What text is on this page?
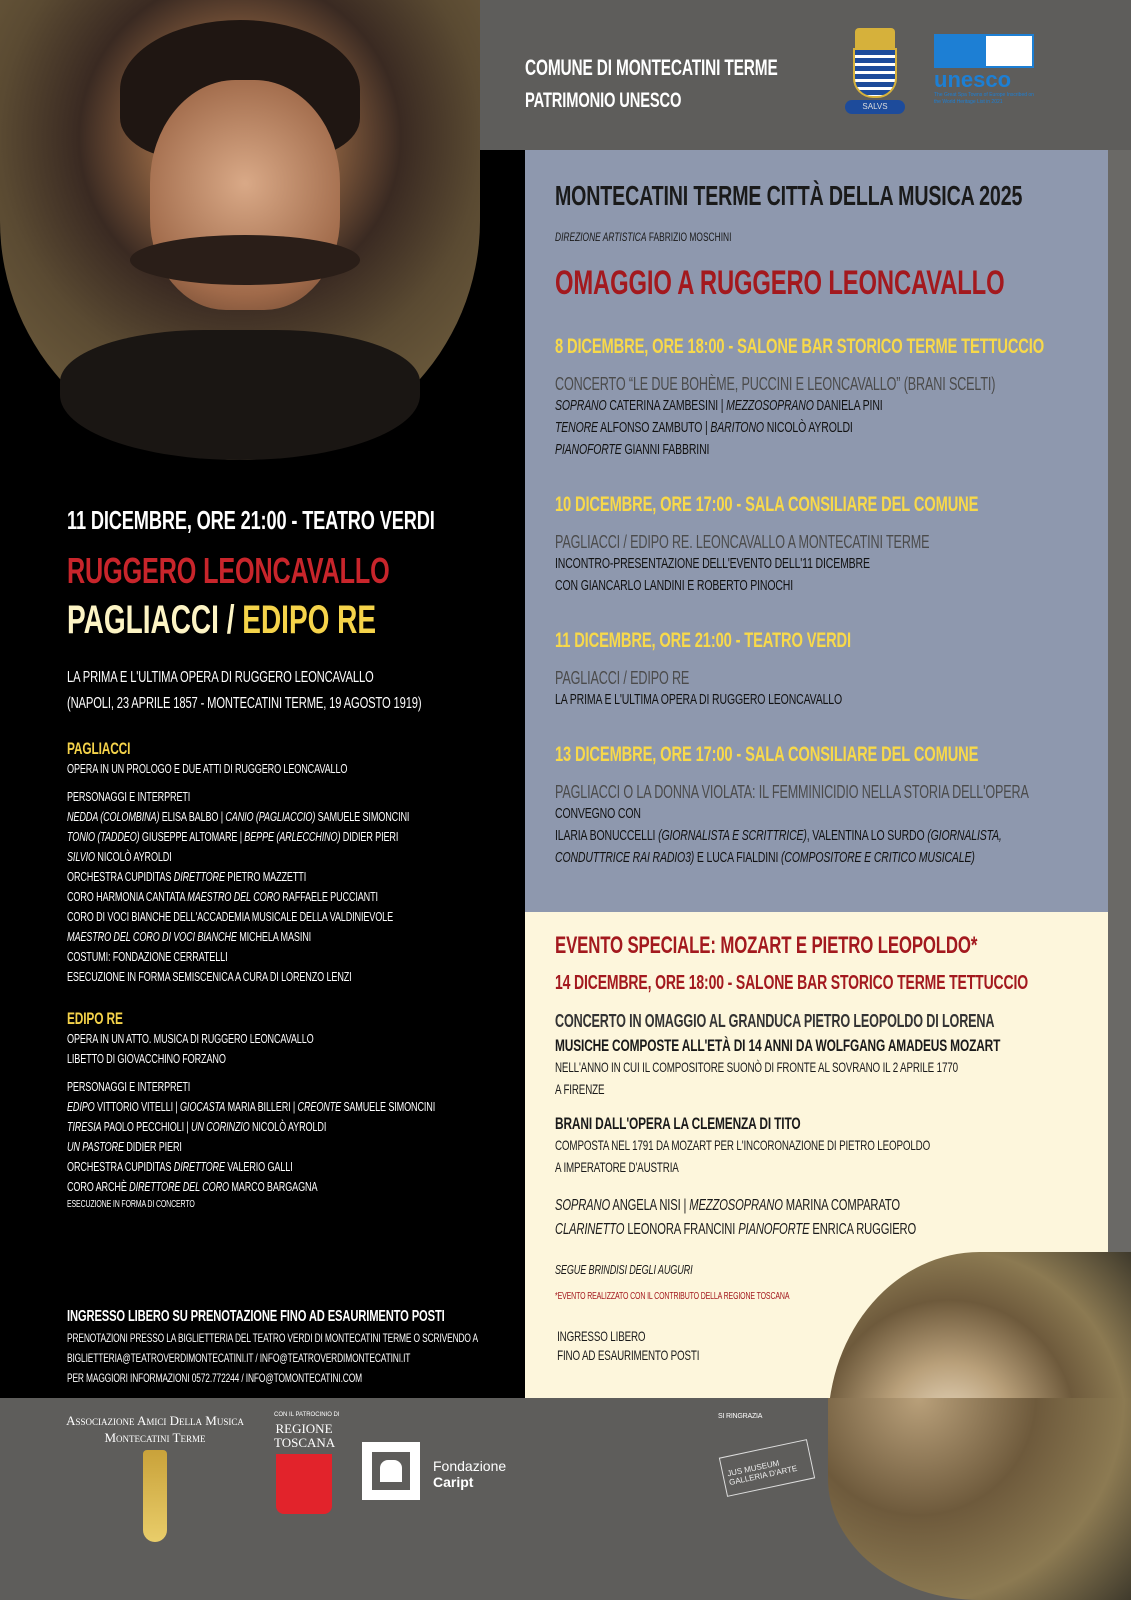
COMUNE DI MONTECATINI TERME
PATRIMONIO UNESCO	SALVS
unesco
The Great Spa Towns of Europe Inscribed on the World Heritage List in 2021
11 DICEMBRE, ORE 21:00 - TEATRO VERDI
RUGGERO LEONCAVALLO
PAGLIACCI / EDIPO RE
LA PRIMA E L'ULTIMA OPERA DI RUGGERO LEONCAVALLO
(NAPOLI, 23 APRILE 1857 - MONTECATINI TERME, 19 AGOSTO 1919)
PAGLIACCI
OPERA IN UN PROLOGO E DUE ATTI DI RUGGERO LEONCAVALLO
PERSONAGGI E INTERPRETI
NEDDA (COLOMBINA) ELISA BALBO | CANIO (PAGLIACCIO) SAMUELE SIMONCINI
TONIO (TADDEO) GIUSEPPE ALTOMARE | BEPPE (ARLECCHINO) DIDIER PIERI
SILVIO NICOLÒ AYROLDI
ORCHESTRA CUPIDITAS DIRETTORE PIETRO MAZZETTI
CORO HARMONIA CANTATA MAESTRO DEL CORO RAFFAELE PUCCIANTI
CORO DI VOCI BIANCHE DELL'ACCADEMIA MUSICALE DELLA VALDINIEVOLE
MAESTRO DEL CORO DI VOCI BIANCHE MICHELA MASINI
COSTUMI: FONDAZIONE CERRATELLI
ESECUZIONE IN FORMA SEMISCENICA A CURA DI LORENZO LENZI
EDIPO RE
OPERA IN UN ATTO. MUSICA DI RUGGERO LEONCAVALLO
LIBETTO DI GIOVACCHINO FORZANO
PERSONAGGI E INTERPRETI
EDIPO VITTORIO VITELLI | GIOCASTA MARIA BILLERI | CREONTE SAMUELE SIMONCINI
TIRESIA PAOLO PECCHIOLI | UN CORINZIO NICOLÒ AYROLDI
UN PASTORE DIDIER PIERI
ORCHESTRA CUPIDITAS DIRETTORE VALERIO GALLI
CORO ARCHÈ DIRETTORE DEL CORO MARCO BARGAGNA
ESECUZIONE IN FORMA DI CONCERTO
INGRESSO LIBERO SU PRENOTAZIONE FINO AD ESAURIMENTO POSTI
PRENOTAZIONI PRESSO LA BIGLIETTERIA DEL TEATRO VERDI DI MONTECATINI TERME O SCRIVENDO A
BIGLIETTERIA@TEATROVERDIMONTECATINI.IT / INFO@TEATROVERDIMONTECATINI.IT
PER MAGGIORI INFORMAZIONI 0572.772244 / INFO@TOMONTECATINI.COM
MONTECATINI TERME CITTÀ DELLA MUSICA 2025
DIREZIONE ARTISTICA FABRIZIO MOSCHINI
OMAGGIO A RUGGERO LEONCAVALLO
8 DICEMBRE, ORE 18:00 - SALONE BAR STORICO TERME TETTUCCIO
CONCERTO “LE DUE BOHÈME, PUCCINI E LEONCAVALLO” (BRANI SCELTI)
SOPRANO CATERINA ZAMBESINI | MEZZOSOPRANO DANIELA PINI
TENORE ALFONSO ZAMBUTO | BARITONO NICOLÒ AYROLDI
PIANOFORTE GIANNI FABBRINI
10 DICEMBRE, ORE 17:00 - SALA CONSILIARE DEL COMUNE
PAGLIACCI / EDIPO RE. LEONCAVALLO A MONTECATINI TERME
INCONTRO-PRESENTAZIONE DELL'EVENTO DELL'11 DICEMBRE
CON GIANCARLO LANDINI E ROBERTO PINOCHI
11 DICEMBRE, ORE 21:00 - TEATRO VERDI
PAGLIACCI / EDIPO RE
LA PRIMA E L'ULTIMA OPERA DI RUGGERO LEONCAVALLO
13 DICEMBRE, ORE 17:00 - SALA CONSILIARE DEL COMUNE
PAGLIACCI O LA DONNA VIOLATA: IL FEMMINICIDIO NELLA STORIA DELL'OPERA
CONVEGNO CON
ILARIA BONUCCELLI (GIORNALISTA E SCRITTRICE), VALENTINA LO SURDO (GIORNALISTA,
CONDUTTRICE RAI RADIO3) E LUCA FIALDINI (COMPOSITORE E CRITICO MUSICALE)
EVENTO SPECIALE: MOZART E PIETRO LEOPOLDO*
14 DICEMBRE, ORE 18:00 - SALONE BAR STORICO TERME TETTUCCIO
CONCERTO IN OMAGGIO AL GRANDUCA PIETRO LEOPOLDO DI LORENA
MUSICHE COMPOSTE ALL'ETÀ DI 14 ANNI DA WOLFGANG AMADEUS MOZART
NELL'ANNO IN CUI IL COMPOSITORE SUONÒ DI FRONTE AL SOVRANO IL 2 APRILE 1770
A FIRENZE
BRANI DALL'OPERA LA CLEMENZA DI TITO
COMPOSTA NEL 1791 DA MOZART PER L'INCORONAZIONE DI PIETRO LEOPOLDO
A IMPERATORE D'AUSTRIA
SOPRANO ANGELA NISI | MEZZOSOPRANO MARINA COMPARATO
CLARINETTO LEONORA FRANCINI PIANOFORTE ENRICA RUGGIERO
SEGUE BRINDISI DEGLI AUGURI
*EVENTO REALIZZATO CON IL CONTRIBUTO DELLA REGIONE TOSCANA
INGRESSO LIBERO
FINO AD ESAURIMENTO POSTI
Associazione Amici Della Musica
Montecatini Terme
CON IL PATROCINIO DI
REGIONE
TOSCANA
Fondazione
Caript
SI RINGRAZIA
JUS MUSEUM GALLERIA D'ARTE
